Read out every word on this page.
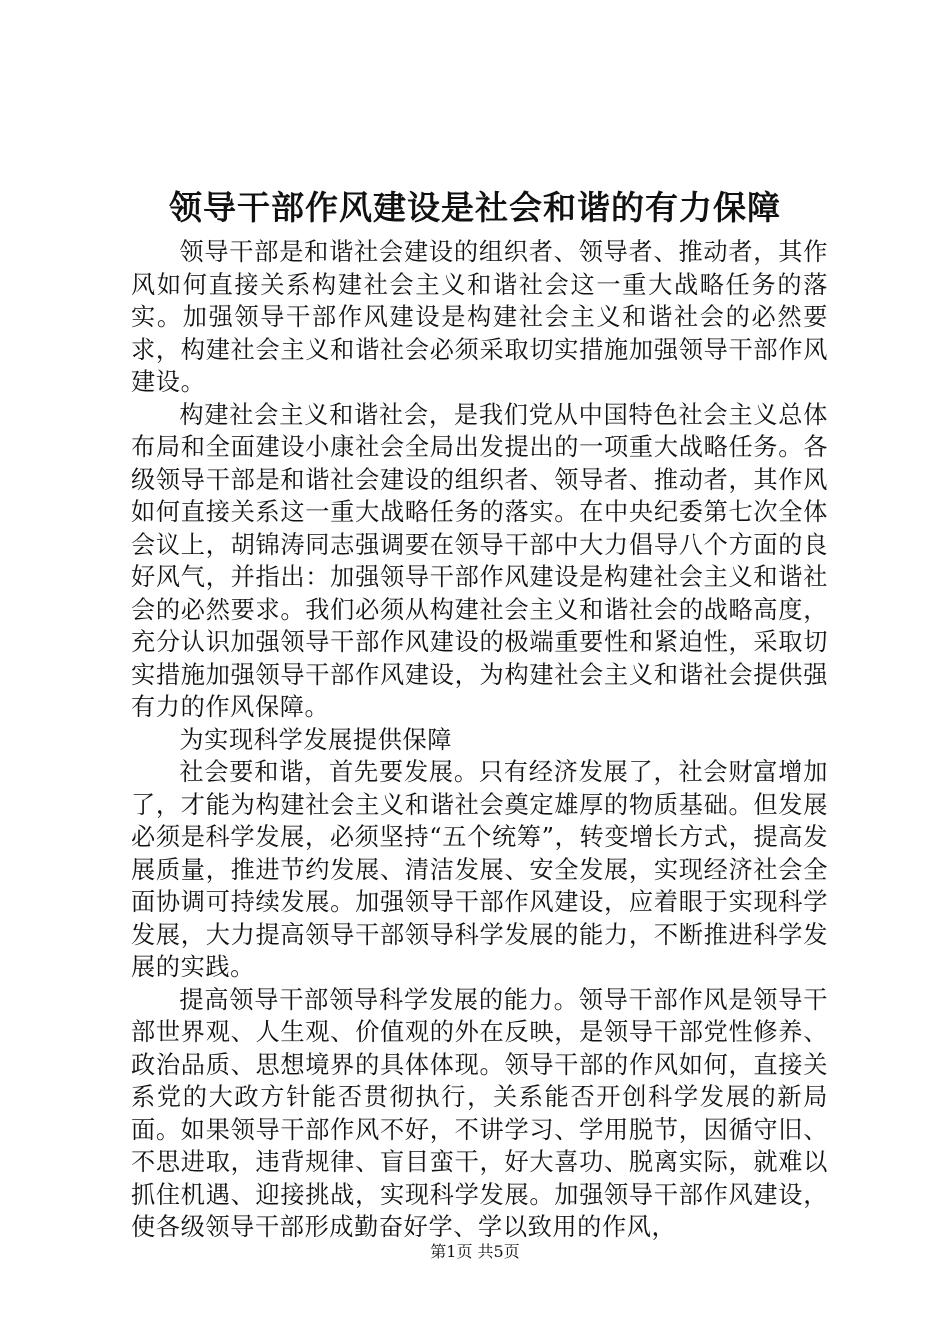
领导干部作风建设是社会和谐的有力保障

领导干部是和谐社会建设的组织者、领导者、推动者，其作风如何直接关系构建社会主义和谐社会这一重大战略任务的落实。加强领导干部作风建设是构建社会主义和谐社会的必然要求，构建社会主义和谐社会必须采取切实措施加强领导干部作风建设。

构建社会主义和谐社会，是我们党从中国特色社会主义总体布局和全面建设小康社会全局出发提出的一项重大战略任务。各级领导干部是和谐社会建设的组织者、领导者、推动者，其作风如何直接关系这一重大战略任务的落实。在中央纪委第七次全体会议上，胡锦涛同志强调要在领导干部中大力倡导八个方面的良好风气，并指出：加强领导干部作风建设是构建社会主义和谐社会的必然要求。我们必须从构建社会主义和谐社会的战略高度，充分认识加强领导干部作风建设的极端重要性和紧迫性，采取切实措施加强领导干部作风建设，为构建社会主义和谐社会提供强有力的作风保障。

为实现科学发展提供保障

社会要和谐，首先要发展。只有经济发展了，社会财富增加了，才能为构建社会主义和谐社会奠定雄厚的物质基础。但发展必须是科学发展，必须坚持“五个统筹”，转变增长方式，提高发展质量，推进节约发展、清洁发展、安全发展，实现经济社会全面协调可持续发展。加强领导干部作风建设，应着眼于实现科学发展，大力提高领导干部领导科学发展的能力，不断推进科学发展的实践。

提高领导干部领导科学发展的能力。领导干部作风是领导干部世界观、人生观、价值观的外在反映，是领导干部党性修养、政治品质、思想境界的具体体现。领导干部的作风如何，直接关系党的大政方针能否贯彻执行，关系能否开创科学发展的新局面。如果领导干部作风不好，不讲学习、学用脱节，因循守旧、不思进取，违背规律、盲目蛮干，好大喜功、脱离实际，就难以抓住机遇、迎接挑战，实现科学发展。加强领导干部作风建设，使各级领导干部形成勤奋好学、学以致用的作风，

第1页 共5页
